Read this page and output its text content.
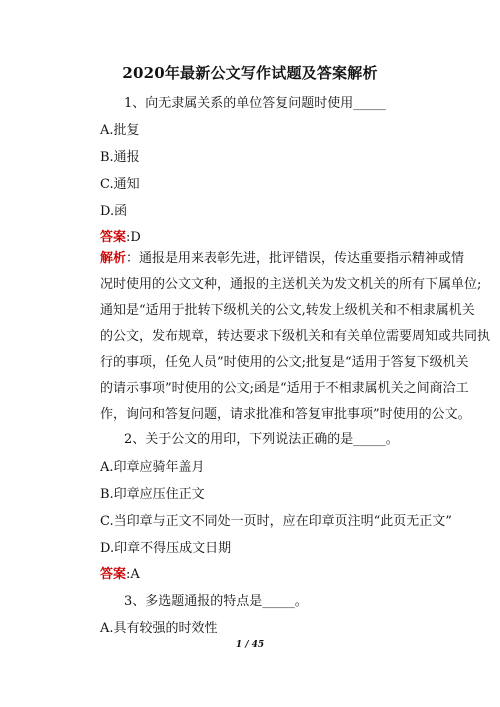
2020年最新公文写作试题及答案解析
1、向无隶属关系的单位答复问题时使用_____
A.批复
B.通报
C.通知
D.函
答案:D
解析：通报是用来表彰先进，批评错误，传达重要指示精神或情
况时使用的公文文种，通报的主送机关为发文机关的所有下属单位;
通知是“适用于批转下级机关的公文,转发上级机关和不相隶属机关
的公文，发布规章，转达要求下级机关和有关单位需要周知或共同执
行的事项，任免人员”时使用的公文;批复是“适用于答复下级机关
的请示事项”时使用的公文;函是“适用于不相隶属机关之间商洽工
作，询问和答复问题，请求批准和答复审批事项”时使用的公文。
2、关于公文的用印，下列说法正确的是_____。
A.印章应骑年盖月
B.印章应压住正文
C.当印章与正文不同处一页时，应在印章页注明“此页无正文”
D.印章不得压成文日期
答案:A
3、多选题通报的特点是_____。
A.具有较强的时效性
1 / 45
